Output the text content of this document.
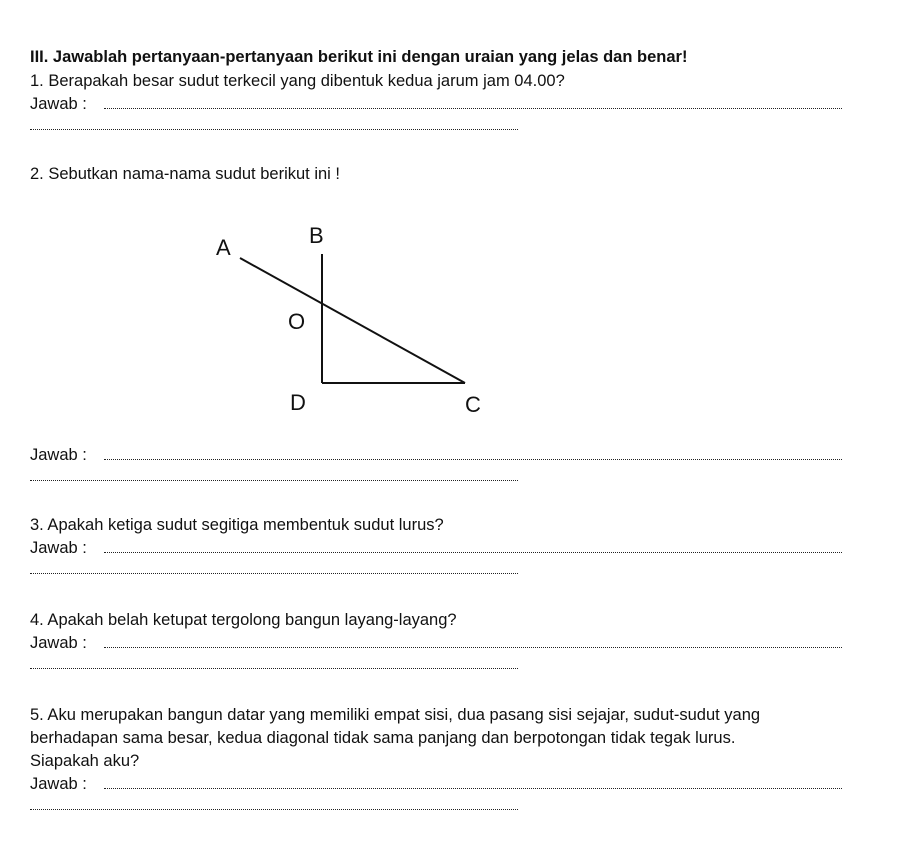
III. Jawablah pertanyaan-pertanyaan berikut ini dengan uraian yang jelas dan benar!
1. Berapakah besar sudut terkecil yang dibentuk kedua jarum jam 04.00?
Jawab :
2. Sebutkan nama-nama sudut berikut ini !
A	B
O
D	C
Jawab :
3. Apakah ketiga sudut segitiga membentuk sudut lurus?
Jawab :
4. Apakah belah ketupat tergolong bangun layang-layang?
Jawab :
5. Aku merupakan bangun datar yang memiliki empat sisi, dua pasang sisi sejajar, sudut-sudut yang
berhadapan sama besar, kedua diagonal tidak sama panjang dan berpotongan tidak tegak lurus.
Siapakah aku?
Jawab :
